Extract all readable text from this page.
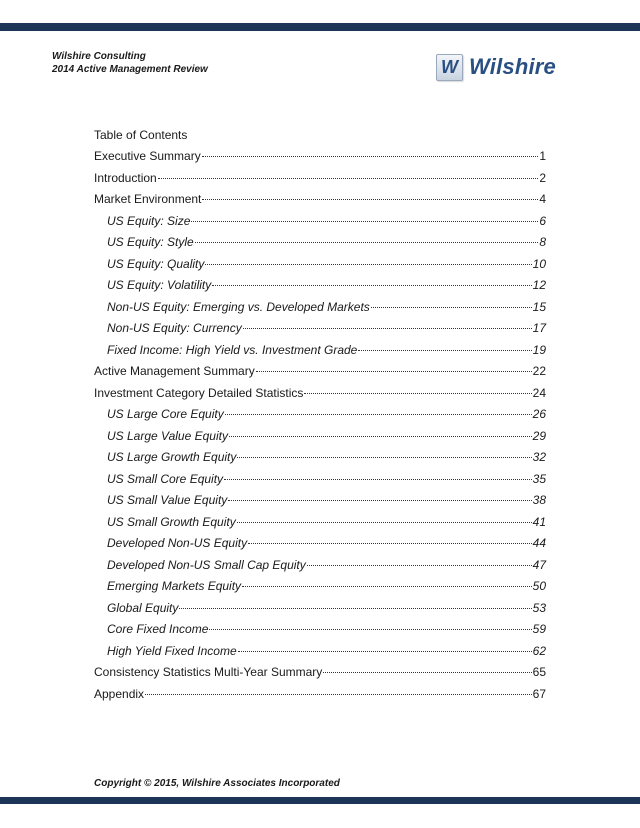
Wilshire Consulting
2014 Active Management Review	W Wilshire
Table of Contents
Executive Summary	1
Introduction	2
Market Environment	4
US Equity: Size	6
US Equity: Style	8
US Equity: Quality	10
US Equity: Volatility	12
Non-US Equity: Emerging vs. Developed Markets	15
Non-US Equity: Currency	17
Fixed Income: High Yield vs. Investment Grade	19
Active Management Summary	22
Investment Category Detailed Statistics	24
US Large Core Equity	26
US Large Value Equity	29
US Large Growth Equity	32
US Small Core Equity	35
US Small Value Equity	38
US Small Growth Equity	41
Developed Non-US Equity	44
Developed Non-US Small Cap Equity	47
Emerging Markets Equity	50
Global Equity	53
Core Fixed Income	59
High Yield Fixed Income	62
Consistency Statistics Multi-Year Summary	65
Appendix	67
Copyright © 2015, Wilshire Associates Incorporated
